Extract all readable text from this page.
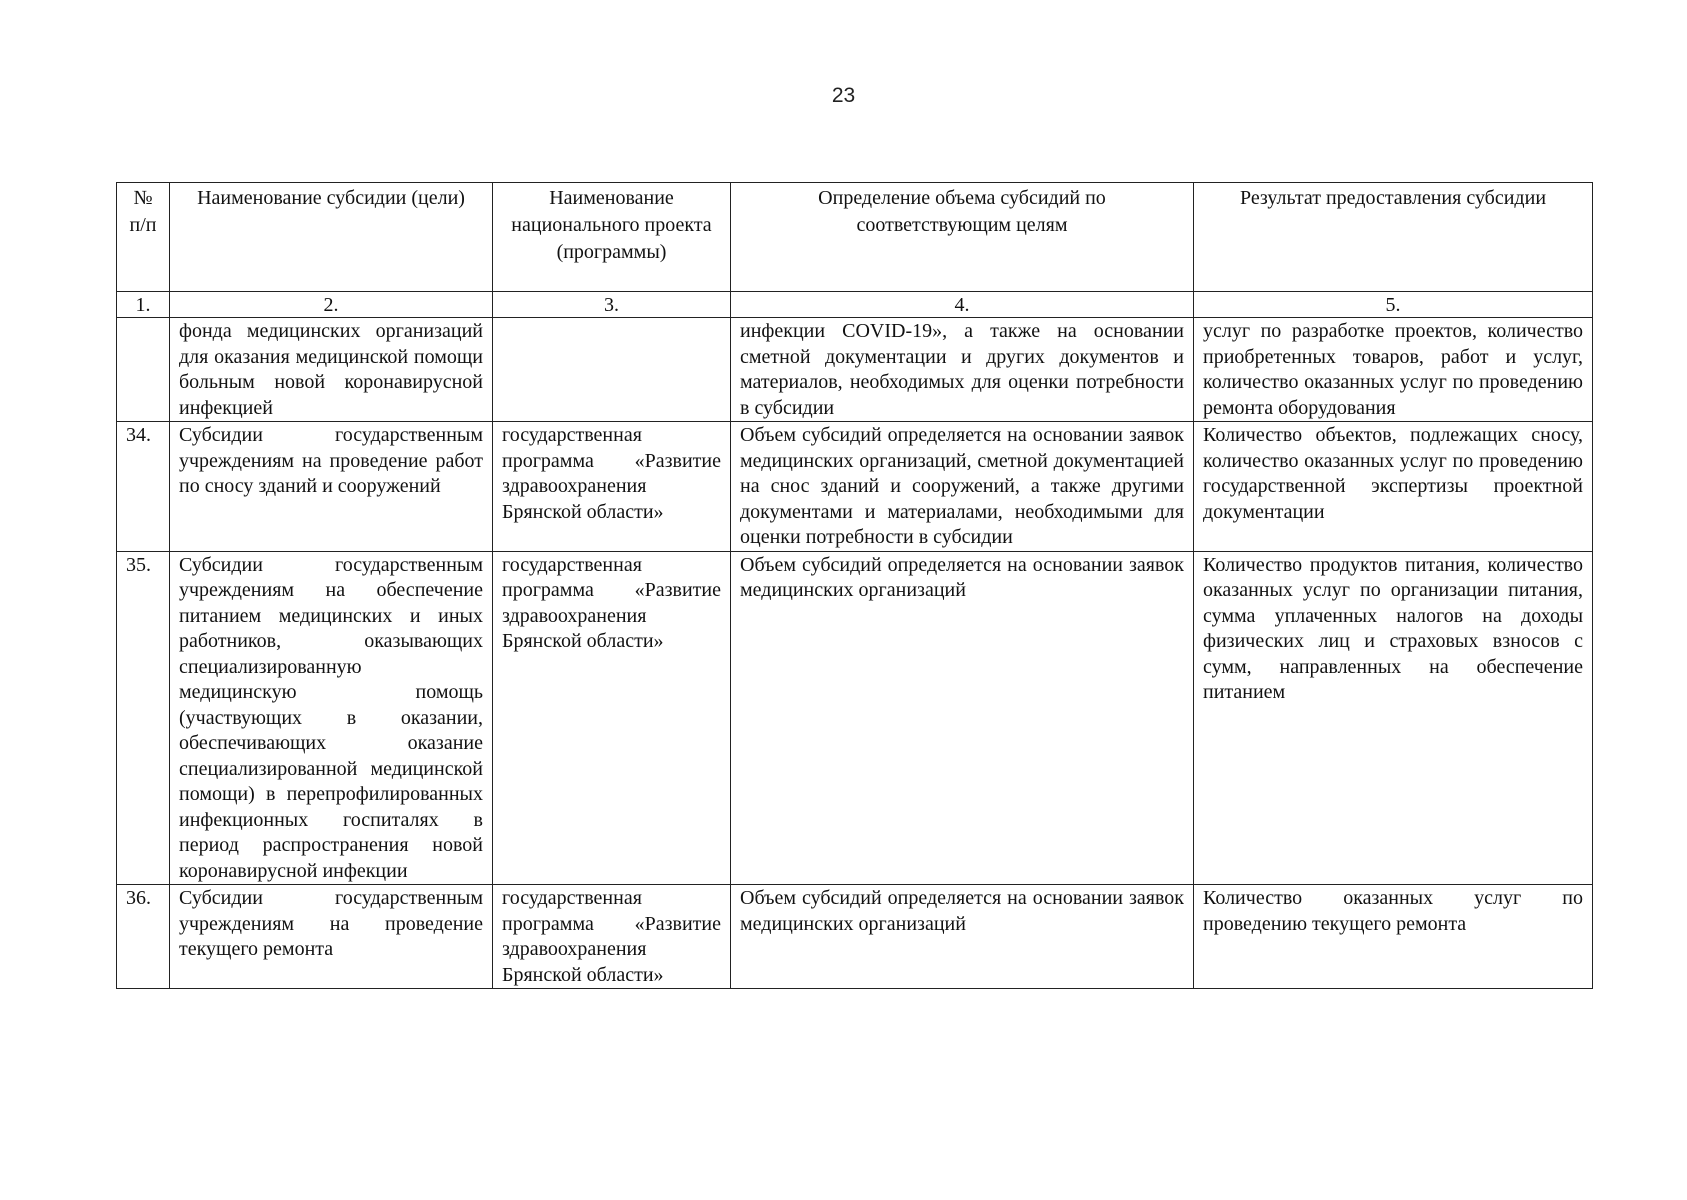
23
№ п/п	Наименование субсидии (цели)	Наименование национального проекта (программы)	Определение объема субсидий по соответствующим целям	Результат предоставления субсидии
1.	2.	3.	4.	5.
	фонда медицинских организаций для оказания медицинской помощи больным новой коронавирусной инфекцией		инфекции COVID-19», а также на основании сметной документации и других документов и материалов, необходимых для оценки потребности в субсидии	услуг по разработке проектов, количество приобретенных товаров, работ и услуг, количество оказанных услуг по проведению ремонта оборудования
34.	Субсидии государственным учреждениям на проведение работ по сносу зданий и сооружений	государственная программа «Развитие здравоохранения Брянской области»	Объем субсидий определяется на основании заявок медицинских организаций, сметной документацией на снос зданий и сооружений, а также другими документами и материалами, необходимыми для оценки потребности в субсидии	Количество объектов, подлежащих сносу, количество оказанных услуг по проведению государственной экспертизы проектной документации
35.	Субсидии государственным учреждениям на обеспечение питанием медицинских и иных работников, оказывающих специализированную медицинскую помощь (участвующих в оказании, обеспечивающих оказание специализированной медицинской помощи) в перепрофилированных инфекционных госпиталях в период распространения новой коронавирусной инфекции	государственная программа «Развитие здравоохранения Брянской области»	Объем субсидий определяется на основании заявок медицинских организаций	Количество продуктов питания, количество оказанных услуг по организации питания, сумма уплаченных налогов на доходы физических лиц и страховых взносов с сумм, направленных на обеспечение питанием
36.	Субсидии государственным учреждениям на проведение текущего ремонта	государственная программа «Развитие здравоохранения Брянской области»	Объем субсидий определяется на основании заявок медицинских организаций	Количество оказанных услуг по проведению текущего ремонта
